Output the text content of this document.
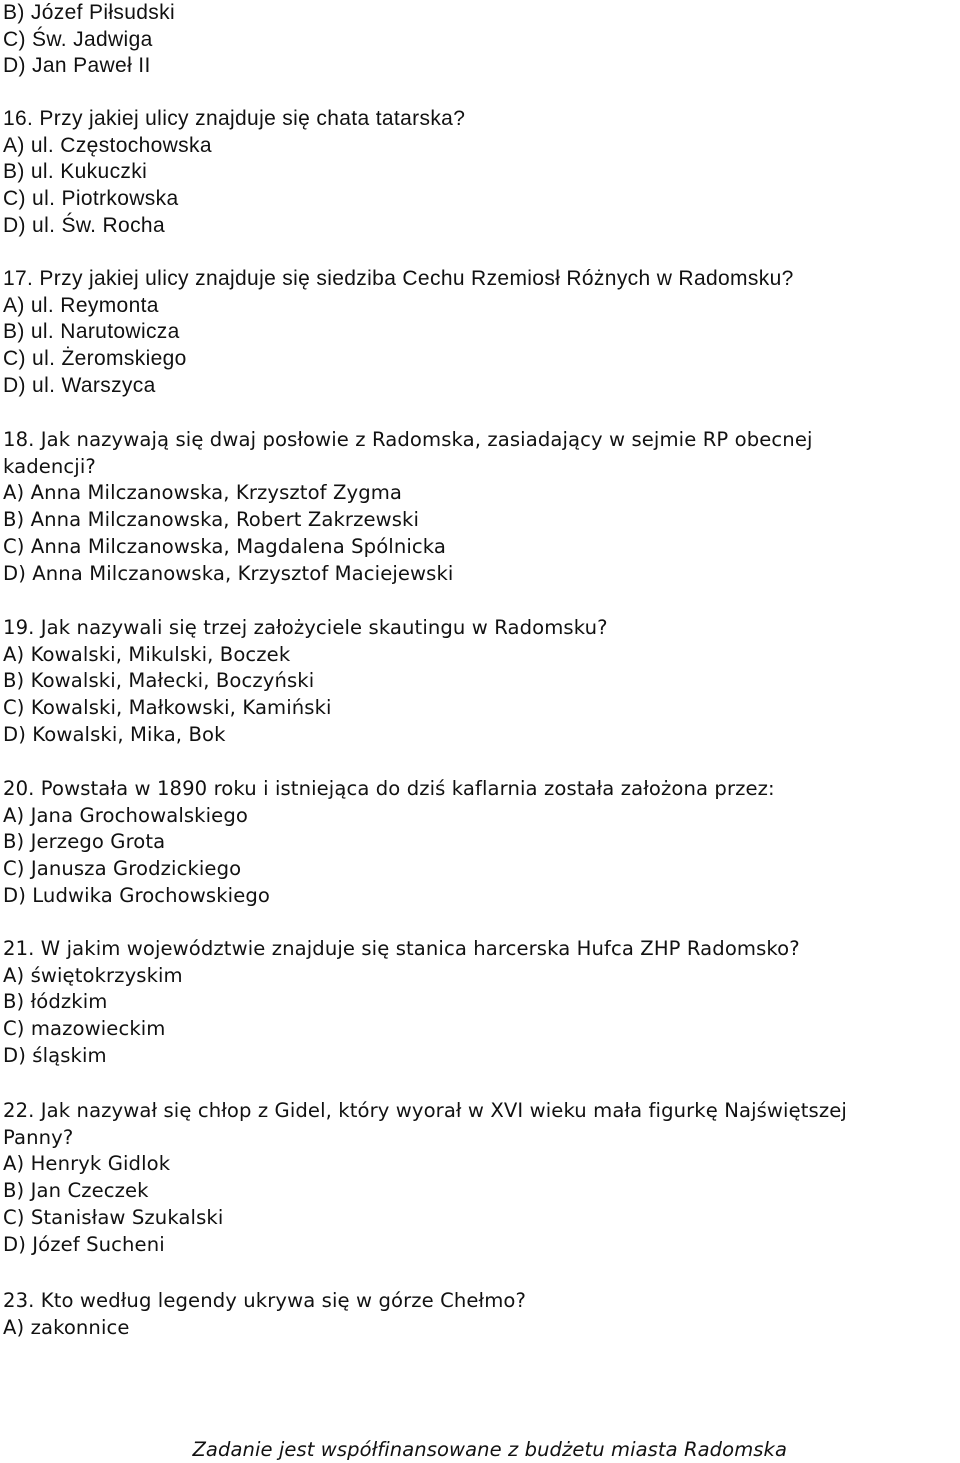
B) Józef Piłsudski
C) Św. Jadwiga
D) Jan Paweł II
16. Przy jakiej ulicy znajduje się chata tatarska?
A) ul. Częstochowska
B) ul. Kukuczki
C) ul. Piotrkowska
D) ul. Św. Rocha
17. Przy jakiej ulicy znajduje się siedziba Cechu Rzemiosł Różnych w Radomsku?
A) ul. Reymonta
B) ul. Narutowicza
C) ul. Żeromskiego
D) ul. Warszyca
18. Jak nazywają się dwaj posłowie z Radomska, zasiadający w sejmie RP obecnej
kadencji?
A) Anna Milczanowska, Krzysztof Zygma
B) Anna Milczanowska, Robert Zakrzewski
C) Anna Milczanowska, Magdalena Spólnicka
D) Anna Milczanowska, Krzysztof Maciejewski
19. Jak nazywali się trzej założyciele skautingu w Radomsku?
A) Kowalski, Mikulski, Boczek
B) Kowalski, Małecki, Boczyński
C) Kowalski, Małkowski, Kamiński
D) Kowalski, Mika, Bok
20. Powstała w 1890 roku i istniejąca do dziś kaflarnia została założona przez:
A) Jana Grochowalskiego
B) Jerzego Grota
C) Janusza Grodzickiego
D) Ludwika Grochowskiego
21. W jakim województwie znajduje się stanica harcerska Hufca ZHP Radomsko?
A) świętokrzyskim
B) łódzkim
C) mazowieckim
D) śląskim
22. Jak nazywał się chłop z Gidel, który wyorał w XVI wieku mała figurkę Najświętszej
Panny?
A) Henryk Gidlok
B) Jan Czeczek
C) Stanisław Szukalski
D) Józef Sucheni
23. Kto według legendy ukrywa się w górze Chełmo?
A) zakonnice
Zadanie jest współfinansowane z budżetu miasta Radomska
